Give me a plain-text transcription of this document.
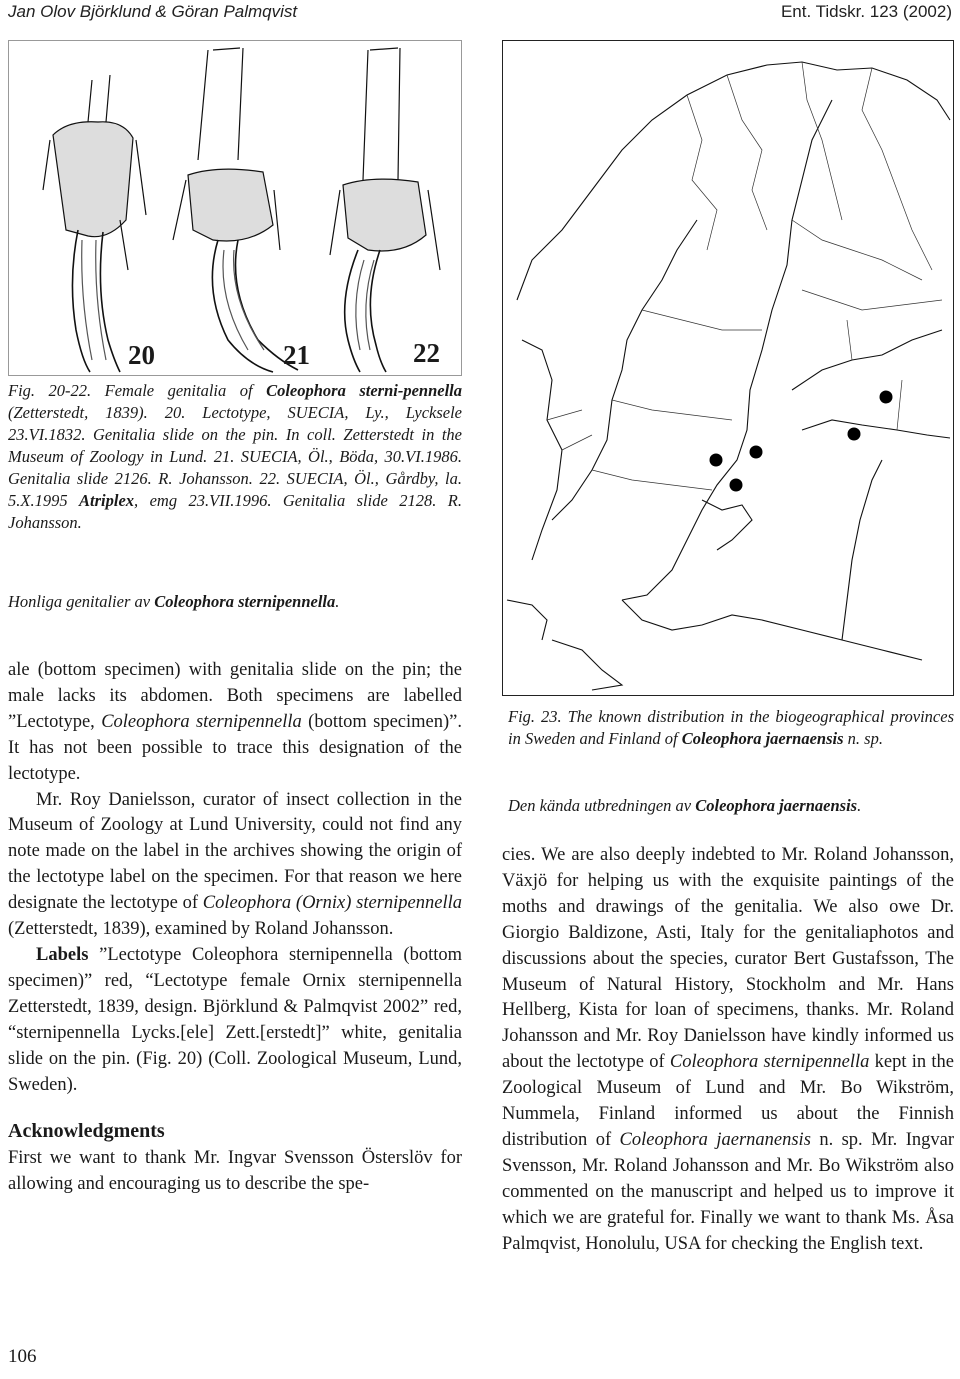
Jan Olov Björklund & Göran Palmqvist	Ent. Tidskr. 123 (2002)
20	21	22

Fig. 20-22. Female genitalia of Coleophora sterni-pennella (Zetterstedt, 1839). 20. Lectotype, SUECIA, Ly., Lycksele 23.VI.1832. Genitalia slide on the pin. In coll. Zetterstedt in the Museum of Zoology in Lund. 21. SUECIA, Öl., Böda, 30.VI.1986. Genitalia slide 2126. R. Johansson. 22. SUECIA, Öl., Gårdby, la. 5.X.1995 Atriplex, emg 23.VII.1996. Genitalia slide 2128. R. Johansson.

Honliga genitalier av Coleophora sternipennella.

ale (bottom specimen) with genitalia slide on the pin; the male lacks its abdomen. Both specimens are labelled ”Lectotype, Coleophora sternipennella (bottom specimen)”. It has not been possible to trace this designation of the lectotype.

Mr. Roy Danielsson, curator of insect collection in the Museum of Zoology at Lund University, could not find any note made on the label in the archives showing the origin of the lectotype label on the specimen. For that reason we here designate the lectotype of Coleophora (Ornix) sternipennella (Zetterstedt, 1839), examined by Roland Johansson.

Labels ”Lectotype Coleophora sternipennella (bottom specimen)” red, “Lectotype female Ornix sternipennella Zetterstedt, 1839, design. Björklund & Palmqvist 2002” red, “sternipennella Lycks.[ele] Zett.[erstedt]” white, genitalia slide on the pin. (Fig. 20) (Coll. Zoological Museum, Lund, Sweden).

Acknowledgments

First we want to thank Mr. Ingvar Svensson Österslöv for allowing and encouraging us to describe the spe-

Fig. 23. The known distribution in the biogeographical provinces in Sweden and Finland of Coleophora jaernaensis n. sp.

Den kända utbredningen av Coleophora jaernaensis.

cies. We are also deeply indebted to Mr. Roland Johansson, Växjö for helping us with the exquisite paintings of the moths and drawings of the genitalia. We also owe Dr. Giorgio Baldizone, Asti, Italy for the genitaliaphotos and discussions about the species, curator Bert Gustafsson, The Museum of Natural History, Stockholm and Mr. Hans Hellberg, Kista for loan of specimens, thanks. Mr. Roland Johansson and Mr. Roy Danielsson have kindly informed us about the lectotype of Coleophora sternipennella kept in the Zoological Museum of Lund and Mr. Bo Wikström, Nummela, Finland informed us about the Finnish distribution of Coleophora jaernanensis n. sp. Mr. Ingvar Svensson, Mr. Roland Johansson and Mr. Bo Wikström also commented on the manuscript and helped us to improve it which we are grateful for. Finally we want to thank Ms. Åsa Palmqvist, Honolulu, USA for checking the English text.

106
